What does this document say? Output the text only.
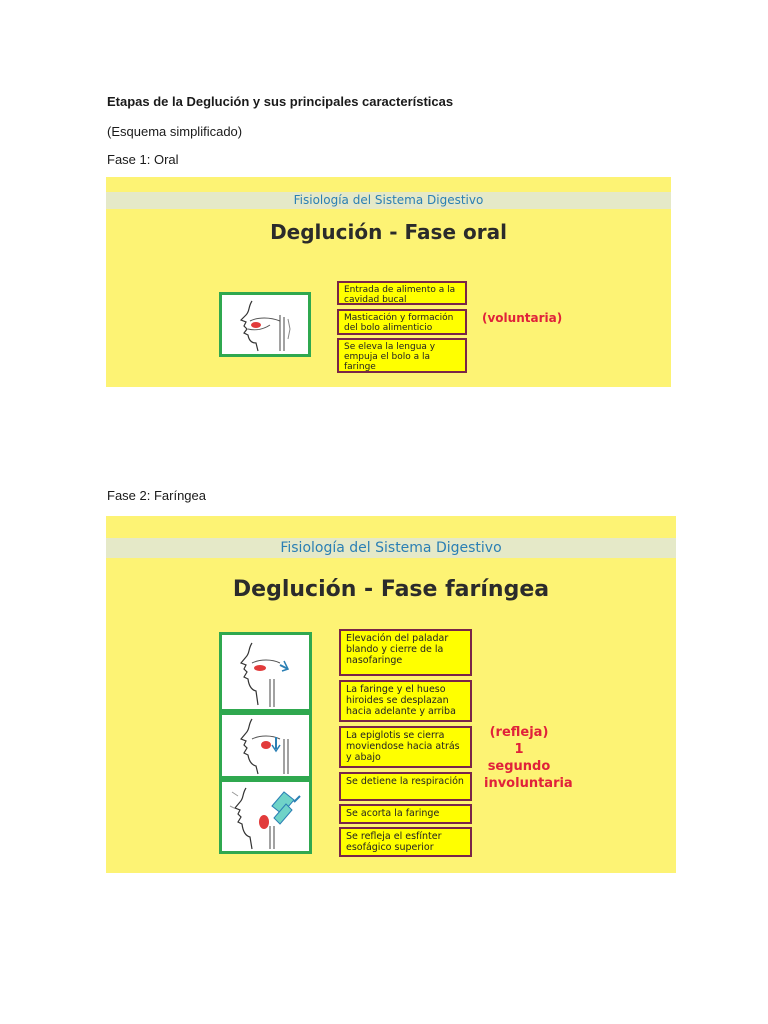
Etapas de la Deglución y sus principales características
(Esquema simplificado)
Fase 1: Oral
Fisiología del Sistema Digestivo
Deglución - Fase oral
Entrada de alimento a la cavidad bucal
Masticación y formación del bolo alimenticio
Se eleva la lengua y empuja el bolo a la faringe
(voluntaria)
Fase 2: Faríngea
Fisiología del Sistema Digestivo
Deglución - Fase faríngea
Elevación del paladar blando y cierre de la nasofaringe
La faringe y el hueso hiroides se desplazan hacia adelante y arriba
La epiglotis se cierra moviendose hacia atrás y abajo
Se detiene la respiración
Se acorta la faringe
Se refleja el esfínter esofágico superior
(refleja)
1 segundo
involuntaria
